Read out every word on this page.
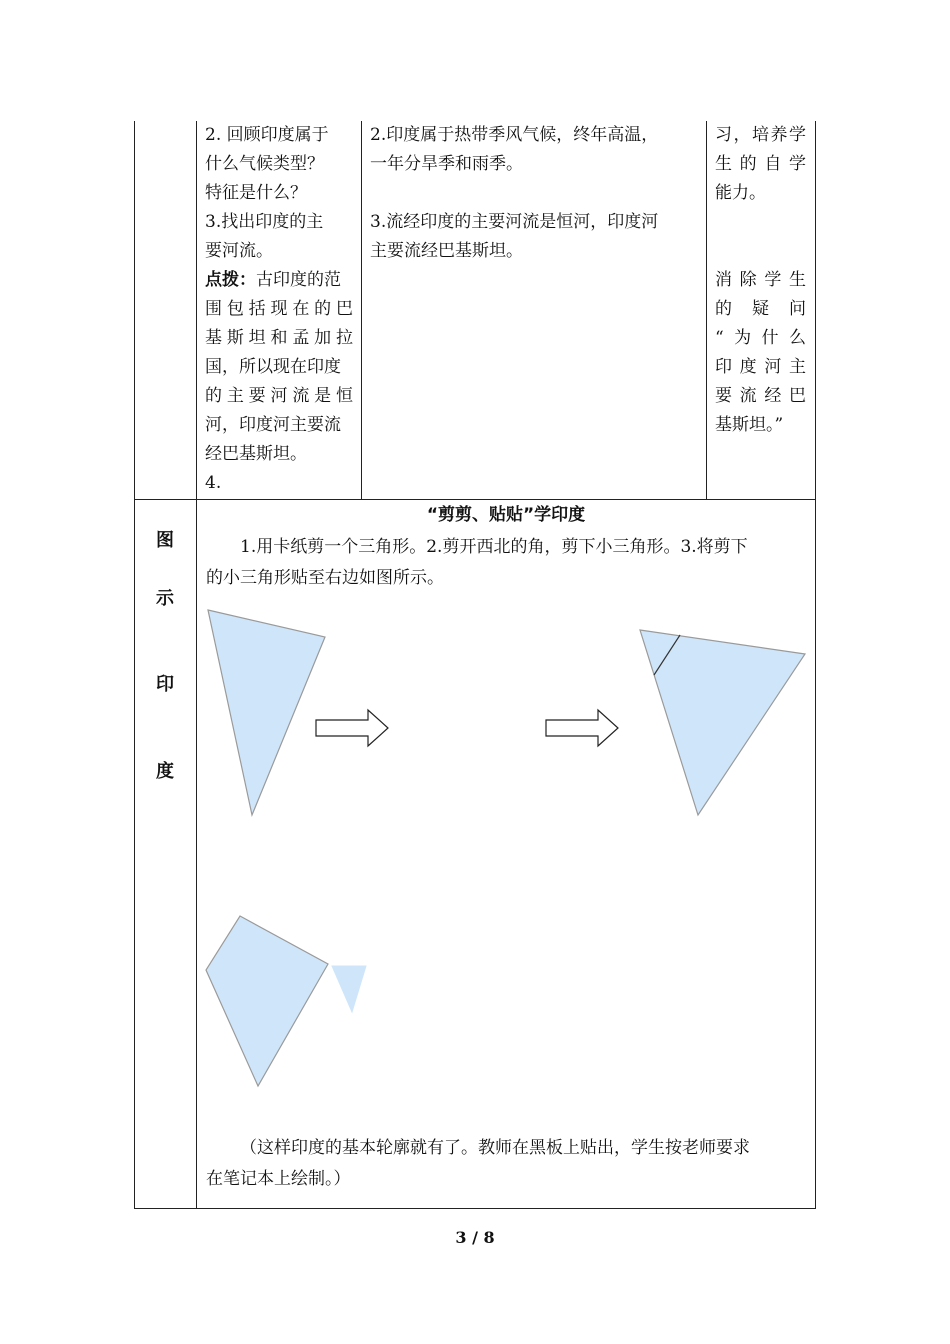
2. 回顾印度属于

什么气候类型？

特征是什么？

3.找出印度的主

要河流。

点拨：古印度的范

围包括现在的巴

基斯坦和孟加拉

国，所以现在印度

的主要河流是恒

河，印度河主要流

经巴基斯坦。

4.

2.印度属于热带季风气候，终年高温，

一年分旱季和雨季。

3.流经印度的主要河流是恒河，印度河

主要流经巴基斯坦。

习，培养学

生的自学

能力。

消除学生

的疑问

“为什么

印度河主

要流经巴

基斯坦。”

图
示
印
度
“剪剪、贴贴”学印度

1.用卡纸剪一个三角形。2.剪开西北的角，剪下小三角形。3.将剪下

的小三角形贴至右边如图所示。

（这样印度的基本轮廓就有了。教师在黑板上贴出，学生按老师要求

在笔记本上绘制。）

3 / 8
